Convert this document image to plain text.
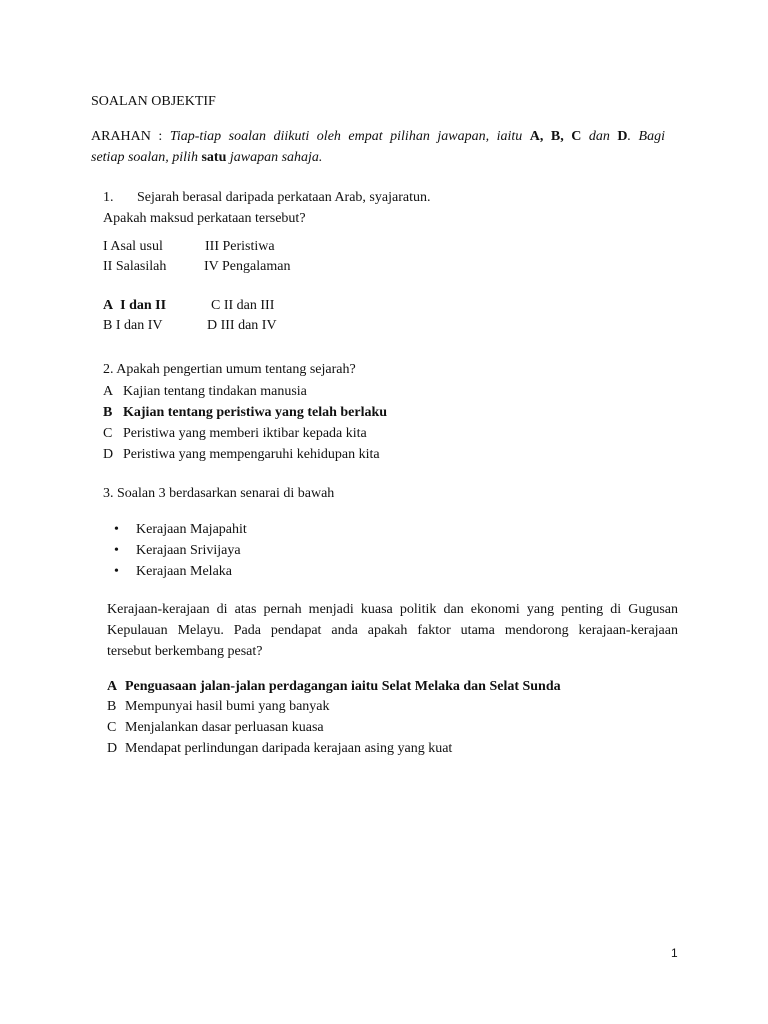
SOALAN OBJEKTIF
ARAHAN : Tiap-tiap soalan diikuti oleh empat pilihan jawapan, iaitu A, B, C dan D. Bagi
setiap soalan, pilih satu jawapan sahaja.
1. Sejarah berasal daripada perkataan Arab, syajaratun.
Apakah maksud perkataan tersebut?
I Asal usul
II Salasilah
III Peristiwa
IV Pengalaman
A I dan II
B I dan IV
C II dan III
D III dan IV
2. Apakah pengertian umum tentang sejarah?
A Kajian tentang tindakan manusia
B Kajian tentang peristiwa yang telah berlaku
C Peristiwa yang memberi iktibar kepada kita
D Peristiwa yang mempengaruhi kehidupan kita
3. Soalan 3 berdasarkan senarai di bawah
• Kerajaan Majapahit
• Kerajaan Srivijaya
• Kerajaan Melaka
Kerajaan-kerajaan di atas pernah menjadi kuasa politik dan ekonomi yang penting di Gugusan
Kepulauan Melayu. Pada pendapat anda apakah faktor utama mendorong kerajaan-kerajaan
tersebut berkembang pesat?
A Penguasaan jalan-jalan perdagangan iaitu Selat Melaka dan Selat Sunda
B Mempunyai hasil bumi yang banyak
C Menjalankan dasar perluasan kuasa
D Mendapat perlindungan daripada kerajaan asing yang kuat
1
